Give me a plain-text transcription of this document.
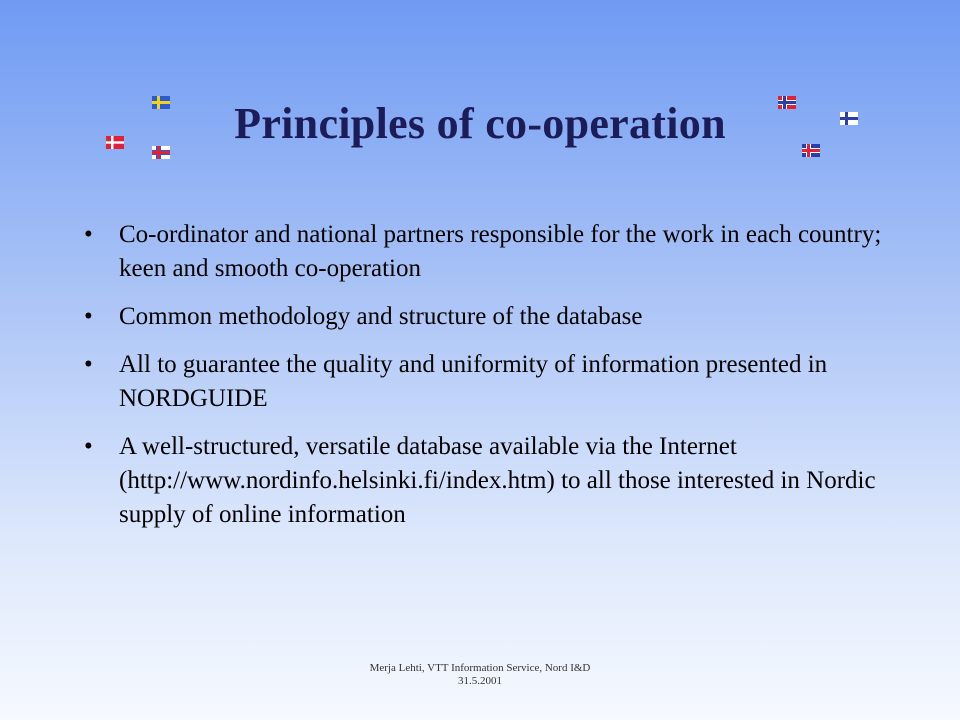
Principles of co-operation
•	Co-ordinator and national partners responsible for the work in each country; keen and smooth co-operation
•	Common methodology and structure of the database
•	All to guarantee the quality and uniformity of information presented in NORDGUIDE
•	A well-structured, versatile database available via the Internet (http://www.nordinfo.helsinki.fi/index.htm) to all those interested in Nordic supply of online information
Merja Lehti, VTT Information Service, Nord I&D
31.5.2001
